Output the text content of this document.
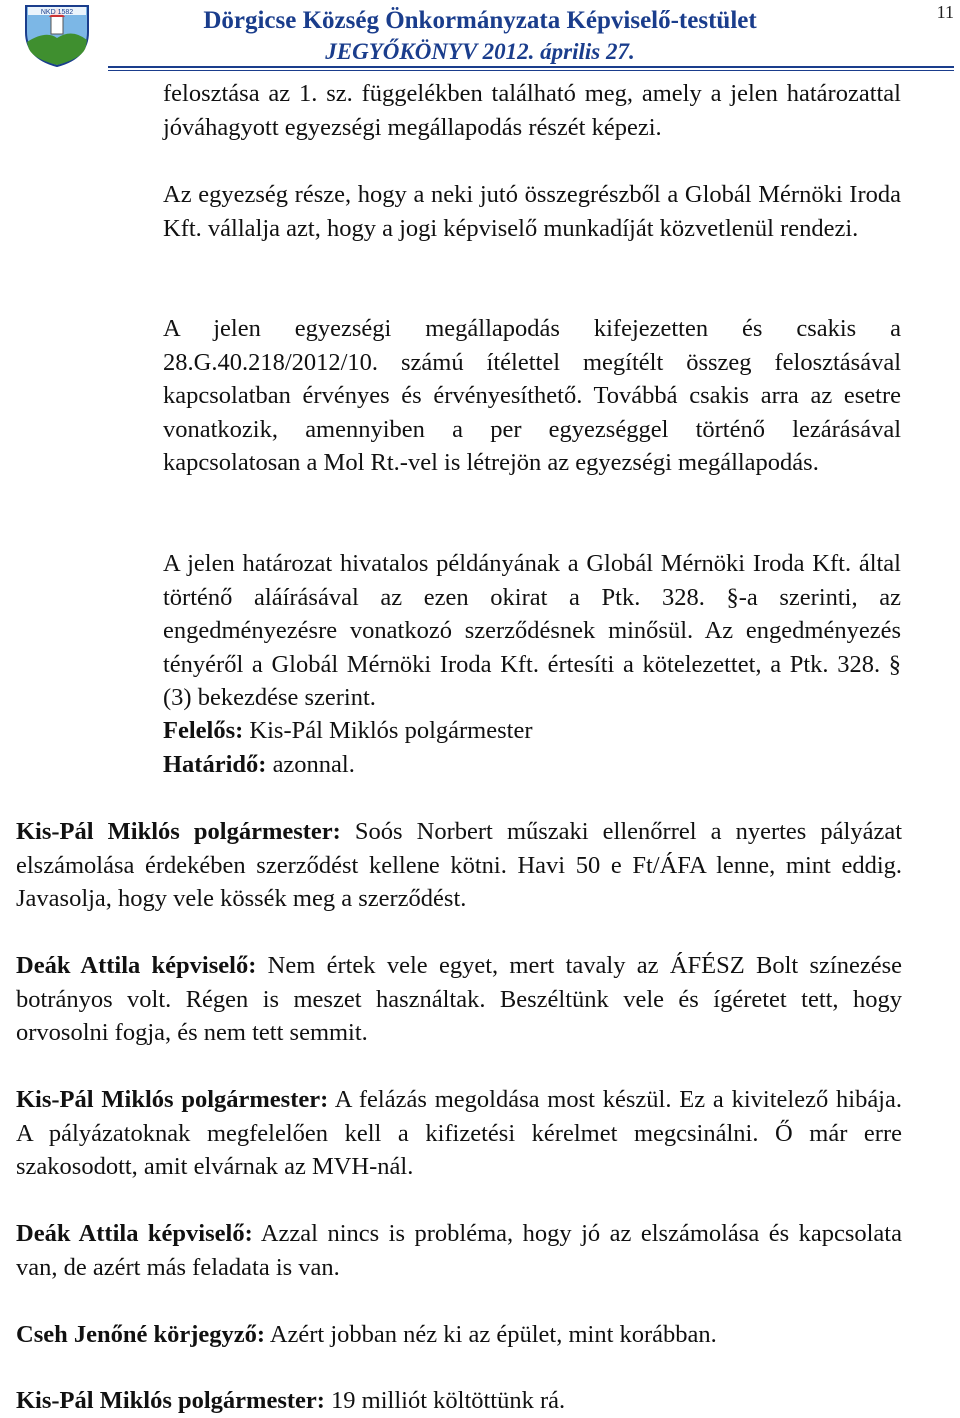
NKD 1582	Dörgicse Község Önkormányzata Képviselő-testület
JEGYŐKÖNYV 2012. április 27.
11

felosztása az 1. sz. függelékben található meg, amely a jelen határozattal jóváhagyott egyezségi megállapodás részét képezi.

Az egyezség része, hogy a neki jutó összegrészből a Globál Mérnöki Iroda Kft. vállalja azt, hogy a jogi képviselő munkadíját közvetlenül rendezi.

A jelen egyezségi megállapodás kifejezetten és csakis a 28.G.40.218/2012/10. számú ítélettel megítélt összeg felosztásával kapcsolatban érvényes és érvényesíthető. Továbbá csakis arra az esetre vonatkozik, amennyiben a per egyezséggel történő lezárásával kapcsolatosan a Mol Rt.-vel is létrejön az egyezségi megállapodás.

A jelen határozat hivatalos példányának a Globál Mérnöki Iroda Kft. által történő aláírásával az ezen okirat a Ptk. 328. §-a szerinti, az engedményezésre vonatkozó szerződésnek minősül. Az engedményezés tényéről a Globál Mérnöki Iroda Kft. értesíti a kötelezettet, a Ptk. 328. § (3) bekezdése szerint.

Felelős: Kis-Pál Miklós polgármester
Határidő: azonnal.

Kis-Pál Miklós polgármester: Soós Norbert műszaki ellenőrrel a nyertes pályázat elszámolása érdekében szerződést kellene kötni. Havi 50 e Ft/ÁFA lenne, mint eddig. Javasolja, hogy vele kössék meg a szerződést.

Deák Attila képviselő: Nem értek vele egyet, mert tavaly az ÁFÉSZ Bolt színezése botrányos volt. Régen is meszet használtak. Beszéltünk vele és ígéretet tett, hogy orvosolni fogja, és nem tett semmit.

Kis-Pál Miklós polgármester: A felázás megoldása most készül. Ez a kivitelező hibája. A pályázatoknak megfelelően kell a kifizetési kérelmet megcsinálni. Ő már erre szakosodott, amit elvárnak az MVH-nál.

Deák Attila képviselő: Azzal nincs is probléma, hogy jó az elszámolása és kapcsolata van, de azért más feladata is van.

Cseh Jenőné körjegyző: Azért jobban néz ki az épület, mint korábban.

Kis-Pál Miklós polgármester: 19 milliót költöttünk rá.
